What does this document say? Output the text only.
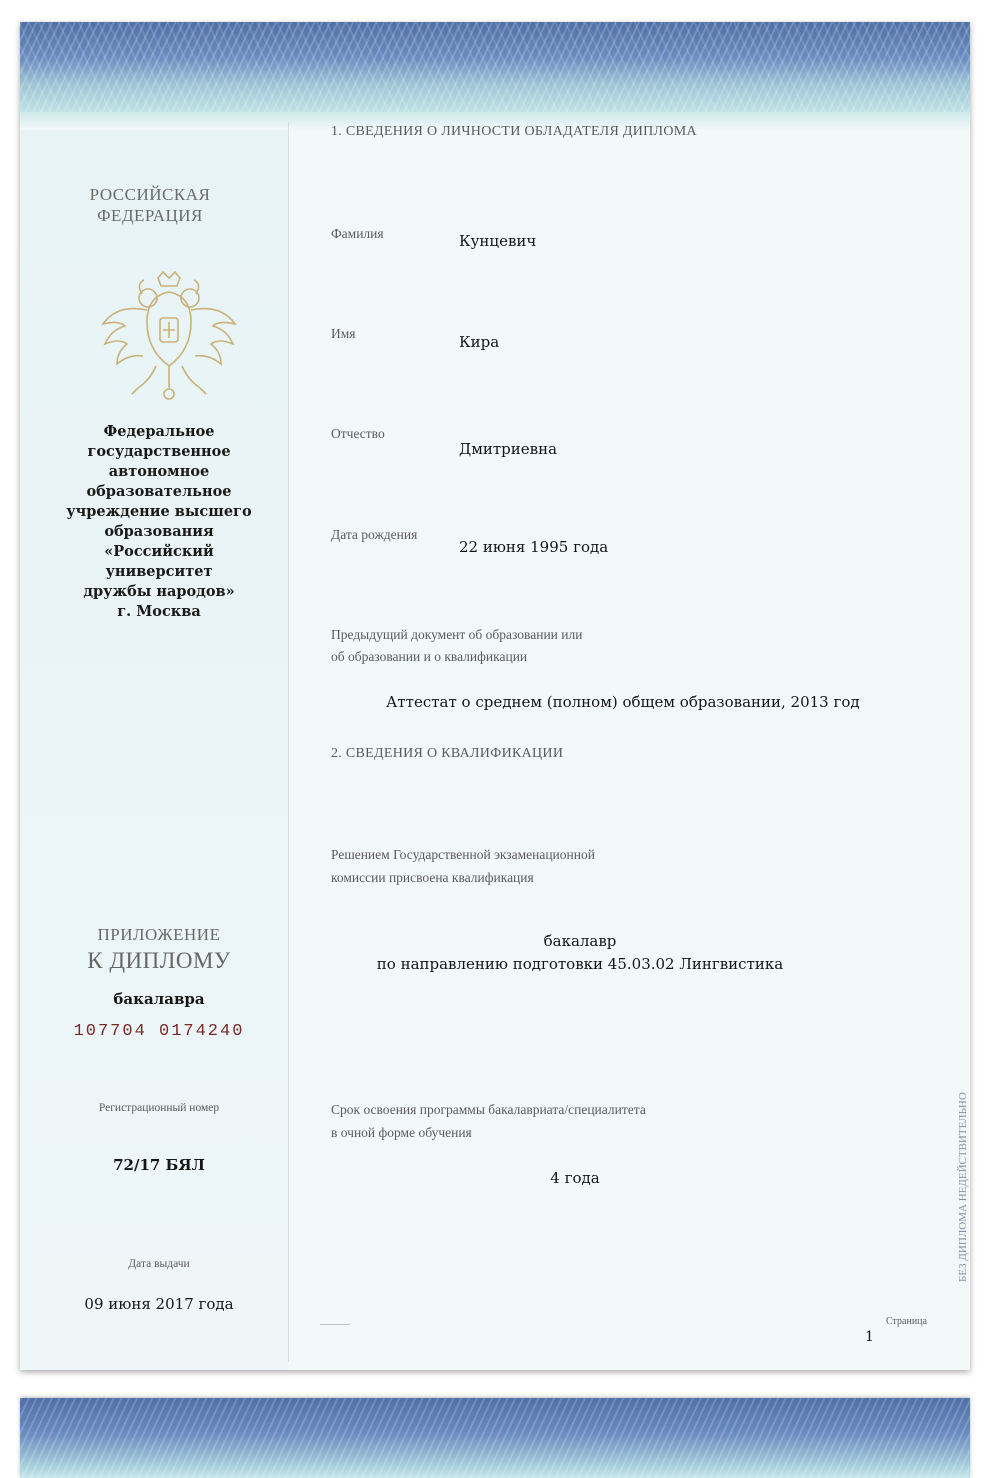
РОССИЙСКАЯ ФЕДЕРАЦИЯ
Федеральное
государственное
автономное образовательное
учреждение высшего
образования
«Российский
университет
дружбы народов»
г. Москва
ПРИЛОЖЕНИЕ
К ДИПЛОМУ
бакалавра
107704 0174240
Регистрационный номер
72/17 БЯЛ
Дата выдачи
09 июня 2017 года
1. СВЕДЕНИЯ О ЛИЧНОСТИ ОБЛАДАТЕЛЯ ДИПЛОМА
Фамилия	Кунцевич
Имя	Кира
Отчество
Дмитриевна
Дата рождения
22 июня 1995 года
Предыдущий документ об образовании или
об образовании и о квалификации
Аттестат о среднем (полном) общем образовании, 2013 год
2. СВЕДЕНИЯ О КВАЛИФИКАЦИИ
Решением Государственной экзаменационной
комиссии присвоена квалификация
бакалавр
по направлению подготовки 45.03.02 Лингвистика
Срок освоения программы бакалавриата/специалитета
в очной форме обучения
4 года
Страница
1
БЕЗ ДИПЛОМА НЕДЕЙСТВИТЕЛЬНО
